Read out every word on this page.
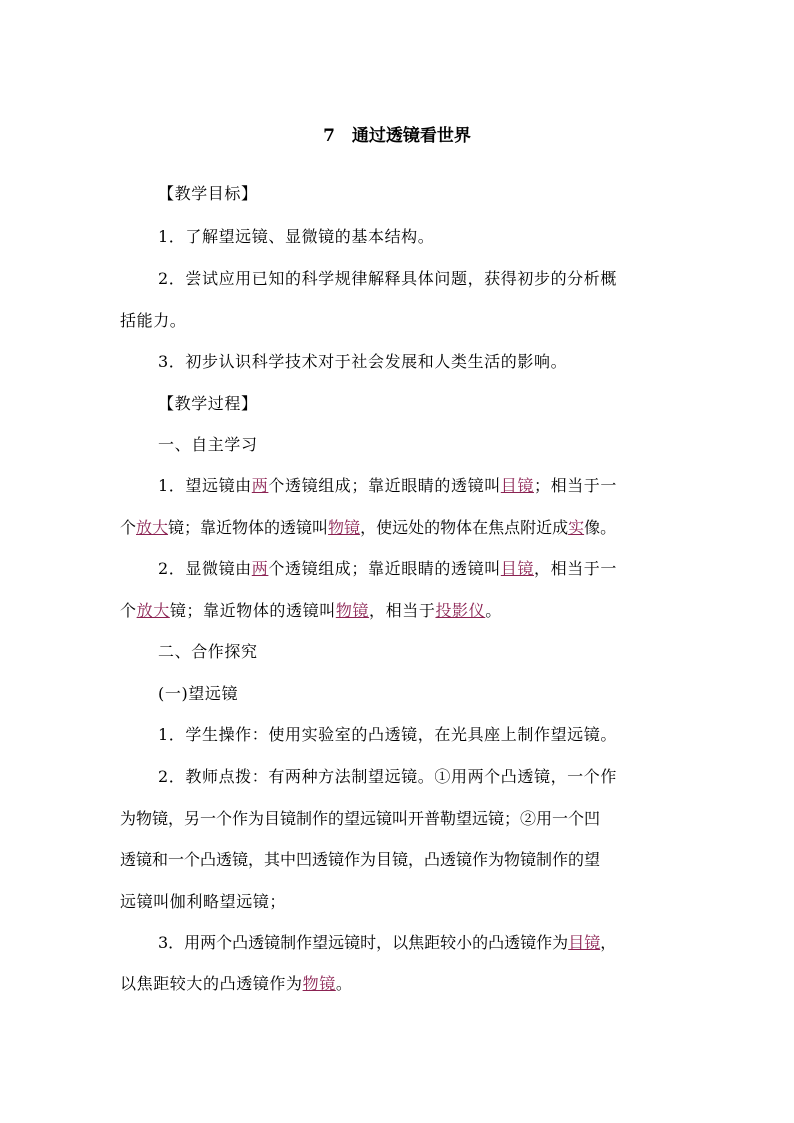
7　通过透镜看世界
【教学目标】
1．了解望远镜、显微镜的基本结构。
2．尝试应用已知的科学规律解释具体问题，获得初步的分析概
括能力。
3．初步认识科学技术对于社会发展和人类生活的影响。
【教学过程】
一、自主学习
1．望远镜由两个透镜组成；靠近眼睛的透镜叫目镜；相当于一
个放大镜；靠近物体的透镜叫物镜，使远处的物体在焦点附近成实像。
2．显微镜由两个透镜组成；靠近眼睛的透镜叫目镜，相当于一
个放大镜；靠近物体的透镜叫物镜，相当于投影仪。
二、合作探究
(一)望远镜
1．学生操作：使用实验室的凸透镜，在光具座上制作望远镜。
2．教师点拨：有两种方法制望远镜。①用两个凸透镜，一个作
为物镜，另一个作为目镜制作的望远镜叫开普勒望远镜；②用一个凹
透镜和一个凸透镜，其中凹透镜作为目镜，凸透镜作为物镜制作的望
远镜叫伽利略望远镜；
3．用两个凸透镜制作望远镜时，以焦距较小的凸透镜作为目镜，
以焦距较大的凸透镜作为物镜。
